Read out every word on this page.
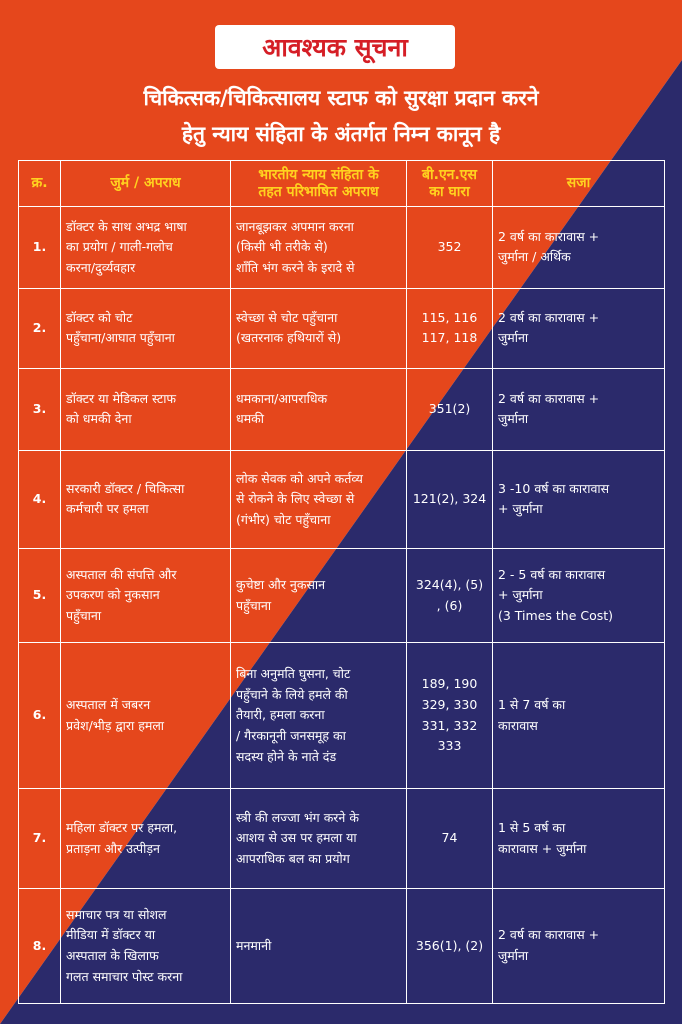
आवश्यक सूचना
चिकित्सक/चिकित्सालय स्टाफ को सुरक्षा प्रदान करने
हेतु न्याय संहिता के अंतर्गत निम्न कानून है
क्र.	जुर्म / अपराध	भारतीय न्याय संहिता के
तहत परिभाषित अपराध	बी.एन.एस
का घारा	सजा
1.	डॉक्टर के साथ अभद्र भाषा
का प्रयोग / गाली-गलोच
करना/दुर्व्यवहार	जानबूझकर अपमान करना
(किसी भी तरीके से)
शाँति भंग करने के इरादे से	352	2 वर्ष का कारावास +
जुर्माना / अर्थिक

2.	डॉक्टर को चोट
पहुँचाना/आघात पहुँचाना	स्वेच्छा से चोट पहुँचाना
(खतरनाक हथियारों से)	115, 116
117, 118	2 वर्ष का कारावास +
जुर्माना

3.	डॉक्टर या मेडिकल स्टाफ
को धमकी देना	धमकाना/आपराधिक
धमकी	351(2)	2 वर्ष का कारावास +
जुर्माना

4.	सरकारी डॉक्टर / चिकित्सा
कर्मचारी पर हमला	लोक सेवक को अपने कर्तव्य
से रोकने के लिए स्वेच्छा से
(गंभीर) चोट पहुँचाना	121(2), 324	3 -10 वर्ष का कारावास
+ जुर्माना

5.	अस्पताल की संपत्ति और
उपकरण को नुकसान
पहुँचाना	कुचेष्टा और नुकसान
पहुँचाना	324(4), (5)
, (6)	2 - 5 वर्ष का कारावास
+ जुर्माना
(3 Times the Cost)

6.	अस्पताल में जबरन
प्रवेश/भीड़ द्वारा हमला	बिना अनुमति घुसना, चोट
पहुँचाने के लिये हमले की
तैयारी, हमला करना
/ गैरकानूनी जनसमूह का
सदस्य होने के नाते दंड	189, 190
329, 330
331, 332
333	1 से 7 वर्ष का
कारावास

7.	महिला डॉक्टर पर हमला,
प्रताड़ना और उत्पीड़न	स्त्री की लज्जा भंग करने के
आशय से उस पर हमला या
आपराधिक बल का प्रयोग	74	1 से 5 वर्ष का
कारावास + जुर्माना

8.	समाचार पत्र या सोशल
मीडिया में डॉक्टर या
अस्पताल के खिलाफ
गलत समाचार पोस्ट करना	मनमानी	356(1), (2)	2 वर्ष का कारावास +
जुर्माना
